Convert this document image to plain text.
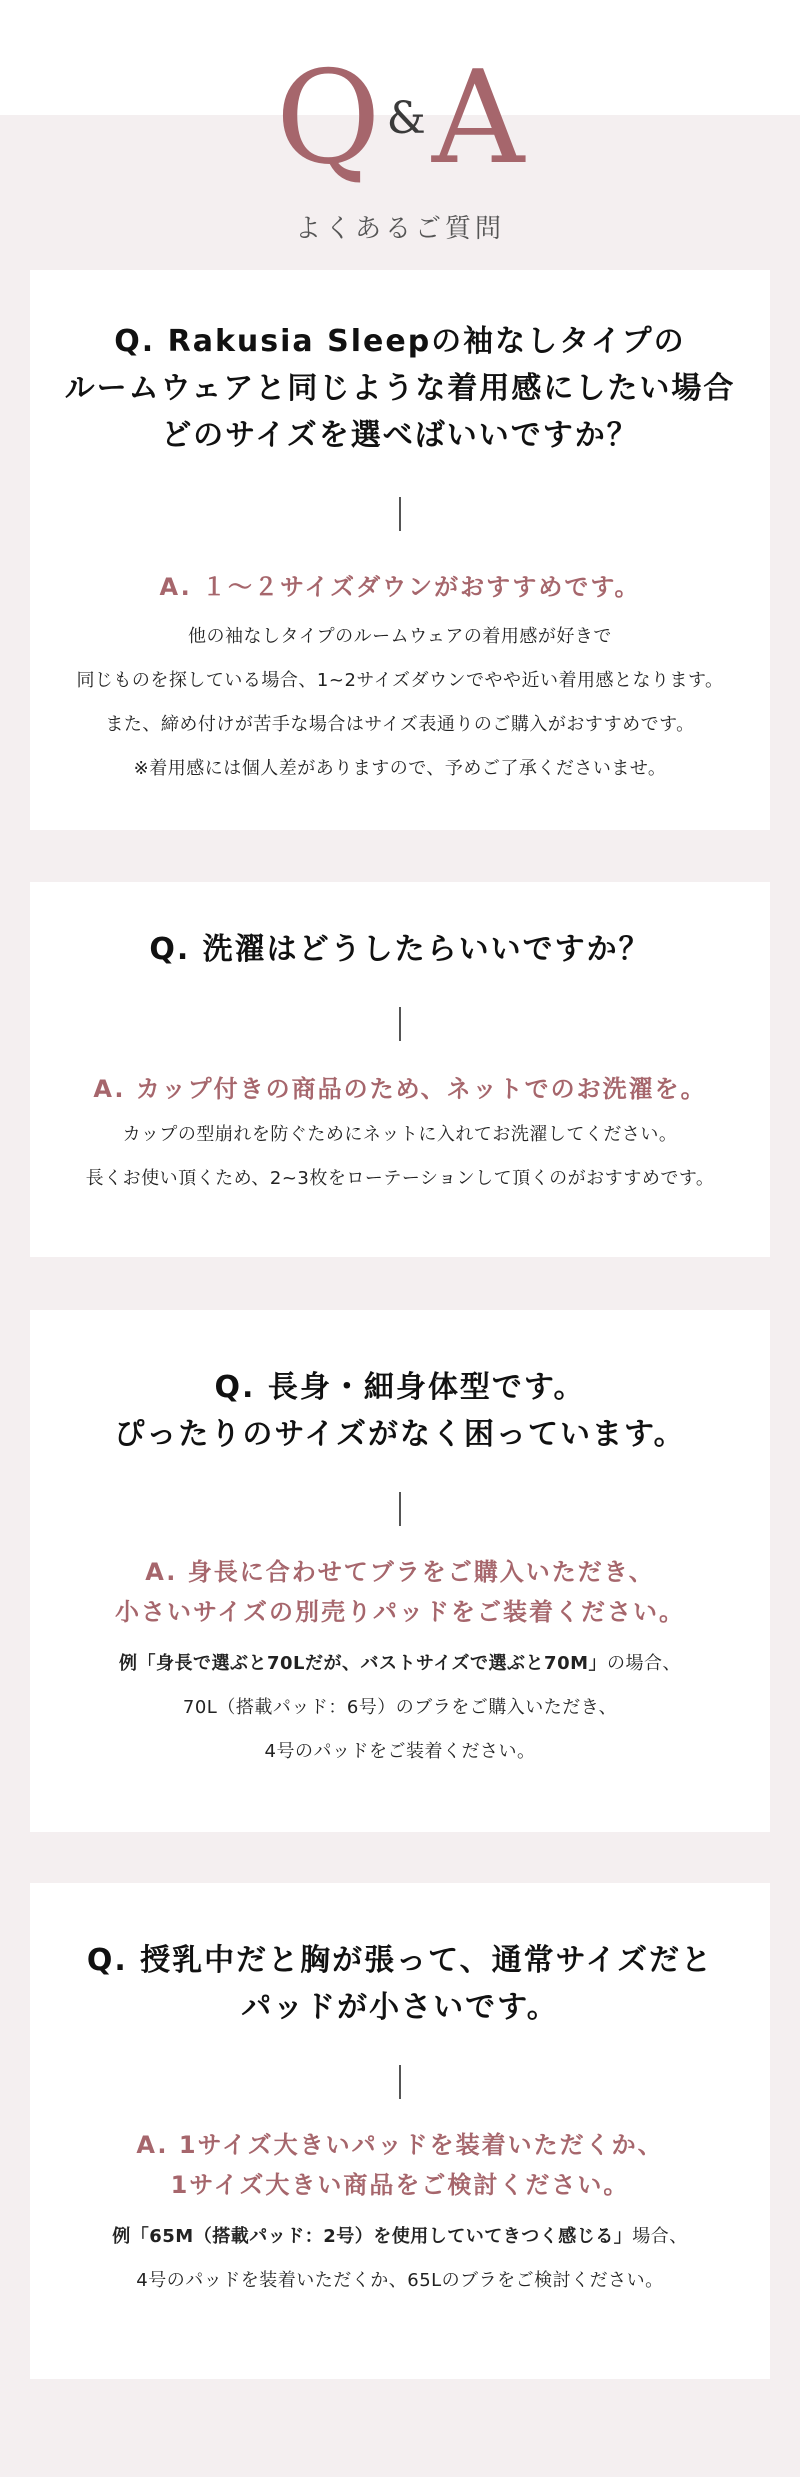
Q &A
よくあるご質問
Q. Rakusia Sleepの袖なしタイプの
ルームウェアと同じような着用感にしたい場合
どのサイズを選べばいいですか？
A. １～２サイズダウンがおすすめです。
他の袖なしタイプのルームウェアの着用感が好きで
同じものを探している場合、1~2サイズダウンでやや近い着用感となります。
また、締め付けが苦手な場合はサイズ表通りのご購入がおすすめです。
※着用感には個人差がありますので、予めご了承くださいませ。
Q. 洗濯はどうしたらいいですか？
A. カップ付きの商品のため、ネットでのお洗濯を。
カップの型崩れを防ぐためにネットに入れてお洗濯してください。
長くお使い頂くため、2~3枚をローテーションして頂くのがおすすめです。
Q. 長身・細身体型です。
ぴったりのサイズがなく困っています。
A. 身長に合わせてブラをご購入いただき、
小さいサイズの別売りパッドをご装着ください。
例「身長で選ぶと70Lだが、バストサイズで選ぶと70M」の場合、
70L（搭載パッド：6号）のブラをご購入いただき、
4号のパッドをご装着ください。
Q. 授乳中だと胸が張って、通常サイズだと
パッドが小さいです。
A. 1サイズ大きいパッドを装着いただくか、
1サイズ大きい商品をご検討ください。
例「65M（搭載パッド：2号）を使用していてきつく感じる」場合、
4号のパッドを装着いただくか、65Lのブラをご検討ください。
